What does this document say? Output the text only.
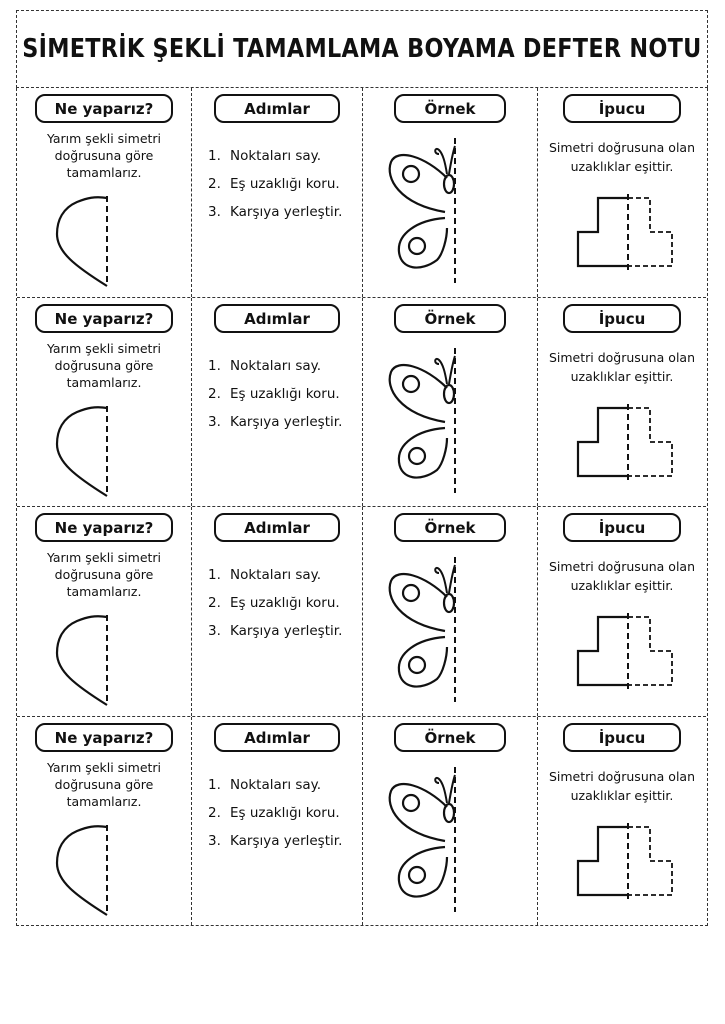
SİMETRİK ŞEKLİ TAMAMLAMA BOYAMA DEFTER NOTU
Ne yaparız?
Yarım şekli simetri doğrusuna göre tamamlarız.
Adımlar
1. Noktaları say.
2. Eş uzaklığı koru.
3. Karşıya yerleştir.
Örnek	İpucu
Simetri doğrusuna olan uzaklıklar eşittir.
Ne yaparız?
Yarım şekli simetri doğrusuna göre tamamlarız.
Adımlar
1. Noktaları say.
2. Eş uzaklığı koru.
3. Karşıya yerleştir.
Örnek	İpucu
Simetri doğrusuna olan uzaklıklar eşittir.
Ne yaparız?
Yarım şekli simetri doğrusuna göre tamamlarız.
Adımlar
1. Noktaları say.
2. Eş uzaklığı koru.
3. Karşıya yerleştir.
Örnek	İpucu
Simetri doğrusuna olan uzaklıklar eşittir.
Ne yaparız?
Yarım şekli simetri doğrusuna göre tamamlarız.
Adımlar
1. Noktaları say.
2. Eş uzaklığı koru.
3. Karşıya yerleştir.
Örnek	İpucu
Simetri doğrusuna olan uzaklıklar eşittir.
